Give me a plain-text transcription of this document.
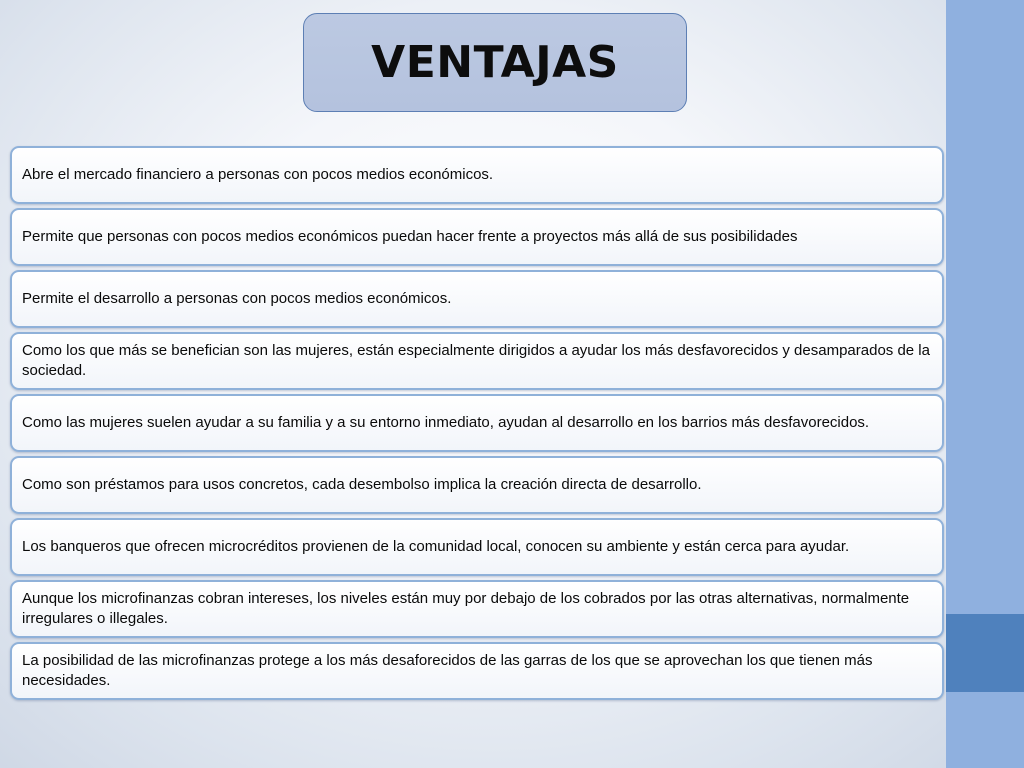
VENTAJAS
Abre el mercado financiero a personas con pocos medios económicos.
Permite que personas con pocos medios económicos puedan hacer frente a proyectos más allá de sus posibilidades
Permite el desarrollo a personas con pocos medios económicos.
Como los que más se benefician son las mujeres, están especialmente dirigidos a ayudar los más desfavorecidos y desamparados de la sociedad.
Como las mujeres suelen ayudar a su familia y a su entorno inmediato, ayudan al desarrollo en los barrios más desfavorecidos.
Como son préstamos para usos concretos, cada desembolso implica la creación directa de desarrollo.
Los banqueros que ofrecen microcréditos provienen de la comunidad local, conocen su ambiente y están cerca para ayudar.
Aunque los microfinanzas cobran intereses, los niveles están muy por debajo de los cobrados por las otras alternativas, normalmente irregulares o illegales.
La posibilidad de las microfinanzas protege a los más desaforecidos de las garras de los que se aprovechan los que tienen más necesidades.
